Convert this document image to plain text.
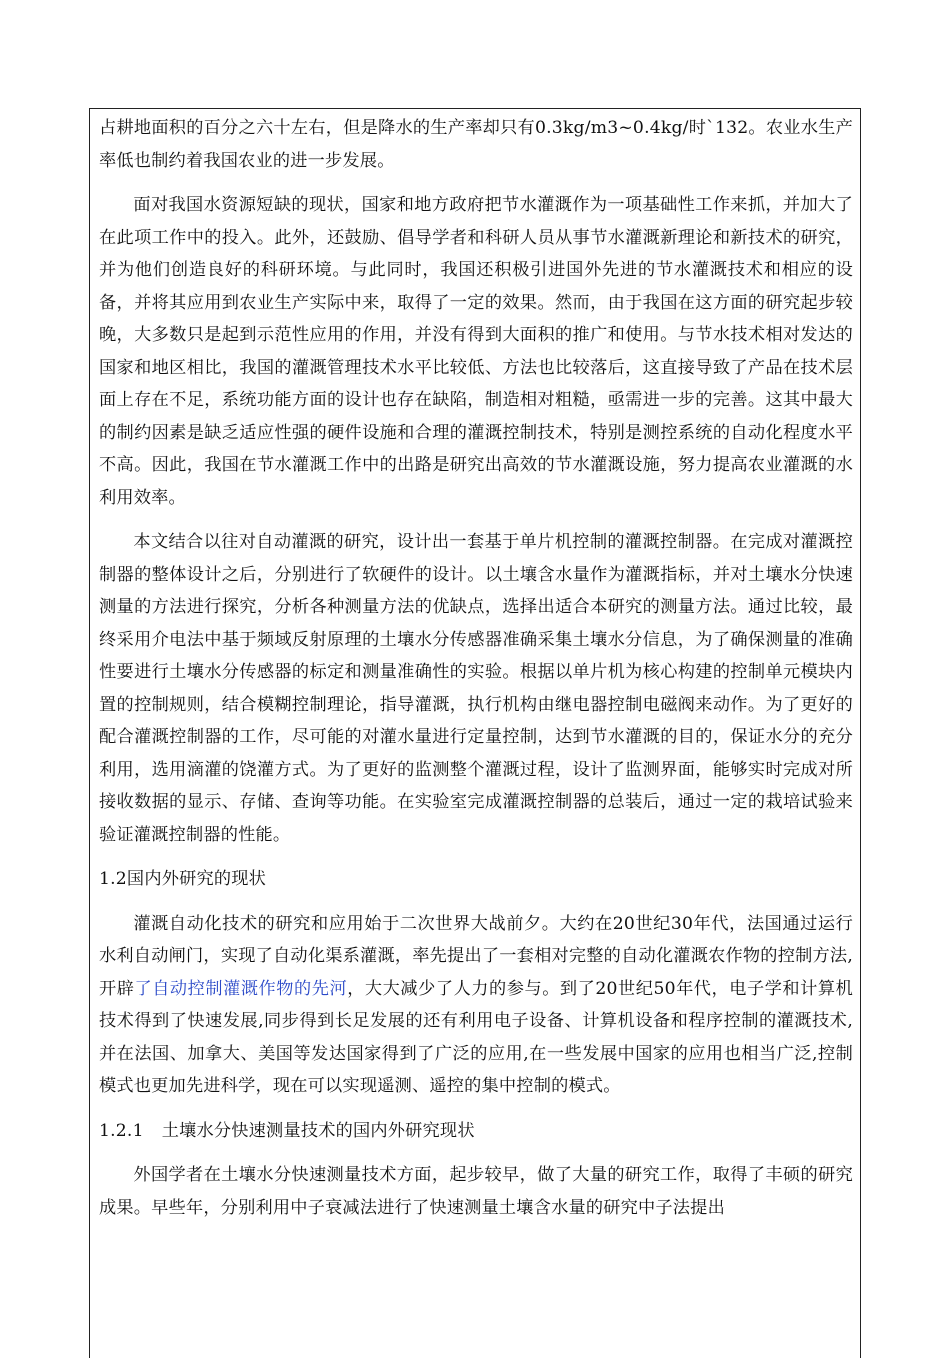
占耕地面积的百分之六十左右，但是降水的生产率却只有0.3kg/m3~0.4kg/时`132。农业水生产率低也制约着我国农业的进一步发展。

面对我国水资源短缺的现状，国家和地方政府把节水灌溉作为一项基础性工作来抓，并加大了在此项工作中的投入。此外，还鼓励、倡导学者和科研人员从事节水灌溉新理论和新技术的研究，并为他们创造良好的科研环境。与此同时，我国还积极引进国外先进的节水灌溉技术和相应的设备，并将其应用到农业生产实际中来，取得了一定的效果。然而，由于我国在这方面的研究起步较晚，大多数只是起到示范性应用的作用，并没有得到大面积的推广和使用。与节水技术相对发达的国家和地区相比，我国的灌溉管理技术水平比较低、方法也比较落后，这直接导致了产品在技术层面上存在不足，系统功能方面的设计也存在缺陷，制造相对粗糙，亟需进一步的完善。这其中最大的制约因素是缺乏适应性强的硬件设施和合理的灌溉控制技术，特别是测控系统的自动化程度水平不高。因此，我国在节水灌溉工作中的出路是研究出高效的节水灌溉设施，努力提高农业灌溉的水利用效率。

本文结合以往对自动灌溉的研究，设计出一套基于单片机控制的灌溉控制器。在完成对灌溉控制器的整体设计之后，分别进行了软硬件的设计。以土壤含水量作为灌溉指标，并对土壤水分快速测量的方法进行探究，分析各种测量方法的优缺点，选择出适合本研究的测量方法。通过比较，最终采用介电法中基于频域反射原理的土壤水分传感器准确采集土壤水分信息，为了确保测量的准确性要进行土壤水分传感器的标定和测量准确性的实验。根据以单片机为核心构建的控制单元模块内置的控制规则，结合模糊控制理论，指导灌溉，执行机构由继电器控制电磁阀来动作。为了更好的配合灌溉控制器的工作，尽可能的对灌水量进行定量控制，达到节水灌溉的目的，保证水分的充分利用，选用滴灌的饶灌方式。为了更好的监测整个灌溉过程，设计了监测界面，能够实时完成对所接收数据的显示、存储、查询等功能。在实验室完成灌溉控制器的总装后，通过一定的栽培试验来验证灌溉控制器的性能。

1.2国内外研究的现状

灌溉自动化技术的研究和应用始于二次世界大战前夕。大约在20世纪30年代，法国通过运行水利自动闸门，实现了自动化渠系灌溉，率先提出了一套相对完整的自动化灌溉农作物的控制方法,开辟了自动控制灌溉作物的先河，大大减少了人力的参与。到了20世纪50年代，电子学和计算机技术得到了快速发展,同步得到长足发展的还有利用电子设备、计算机设备和程序控制的灌溉技术,并在法国、加拿大、美国等发达国家得到了广泛的应用,在一些发展中国家的应用也相当广泛,控制模式也更加先进科学，现在可以实现遥测、遥控的集中控制的模式。

1.2.1 土壤水分快速测量技术的国内外研究现状

外国学者在土壤水分快速测量技术方面，起步较早，做了大量的研究工作，取得了丰硕的研究成果。早些年，分别利用中子衰减法进行了快速测量土壤含水量的研究中子法提出
